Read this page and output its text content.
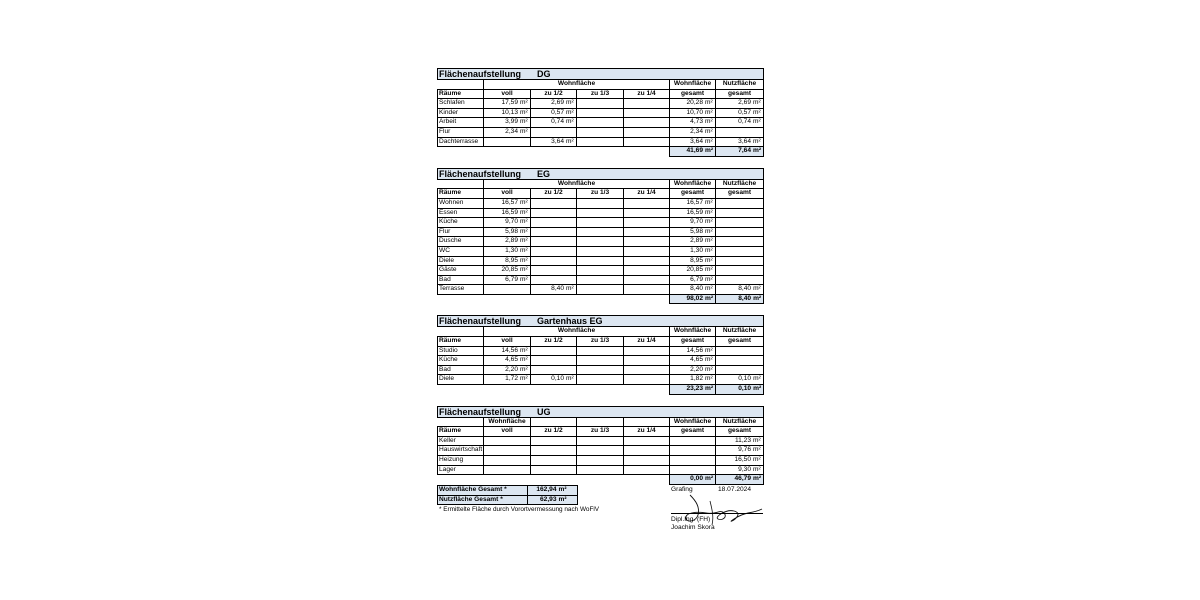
Flächenaufstellung DG						
	Wohnfläche				Wohnfläche	Nutzfläche
Räume	voll	zu 1/2	zu 1/3	zu 1/4	gesamt	gesamt
Schlafen	17,59 m²	2,69 m²			20,28 m²	2,69 m²
Kinder	10,13 m²	0,57 m²			10,70 m²	0,57 m²
Arbeit	3,99 m²	0,74 m²			4,73 m²	0,74 m²
Flur	2,34 m²				2,34 m²	
Dachterrasse		3,64 m²			3,64 m²	3,64 m²
					41,69 m²	7,64 m²
Flächenaufstellung EG						
	Wohnfläche				Wohnfläche	Nutzfläche
Räume	voll	zu 1/2	zu 1/3	zu 1/4	gesamt	gesamt
Wohnen	16,57 m²				16,57 m²	
Essen	16,59 m²				16,59 m²	
Küche	9,70 m²				9,70 m²	
Flur	5,98 m²				5,98 m²	
Dusche	2,89 m²				2,89 m²	
WC	1,30 m²				1,30 m²	
Diele	8,95 m²				8,95 m²	
Gäste	20,85 m²				20,85 m²	
Bad	6,79 m²				6,79 m²	
Terrasse		8,40 m²			8,40 m²	8,40 m²
					98,02 m²	8,40 m²
Flächenaufstellung Gartenhaus EG						
	Wohnfläche				Wohnfläche	Nutzfläche
Räume	voll	zu 1/2	zu 1/3	zu 1/4	gesamt	gesamt
Studio	14,56 m²				14,56 m²	
Küche	4,65 m²				4,65 m²	
Bad	2,20 m²				2,20 m²	
Diele	1,72 m²	0,10 m²			1,82 m²	0,10 m²
					23,23 m²	0,10 m²
Flächenaufstellung UG						
	Wohnfläche				Wohnfläche	Nutzfläche
Räume	voll	zu 1/2	zu 1/3	zu 1/4	gesamt	gesamt
Keller						11,23 m²
Hauswirtschaft						9,76 m²
Heizung						16,50 m²
Lager						9,30 m²
					0,00 m²	46,79 m²
Wohnfläche Gesamt *	162,94	m²
Nutzfläche Gesamt *	62,93	m²
* Ermittelte Fläche durch Vorortvermessung nach WoFlV
Grafing	18.07.2024
Dipl.Ing. (FH)
Joachim Skora
